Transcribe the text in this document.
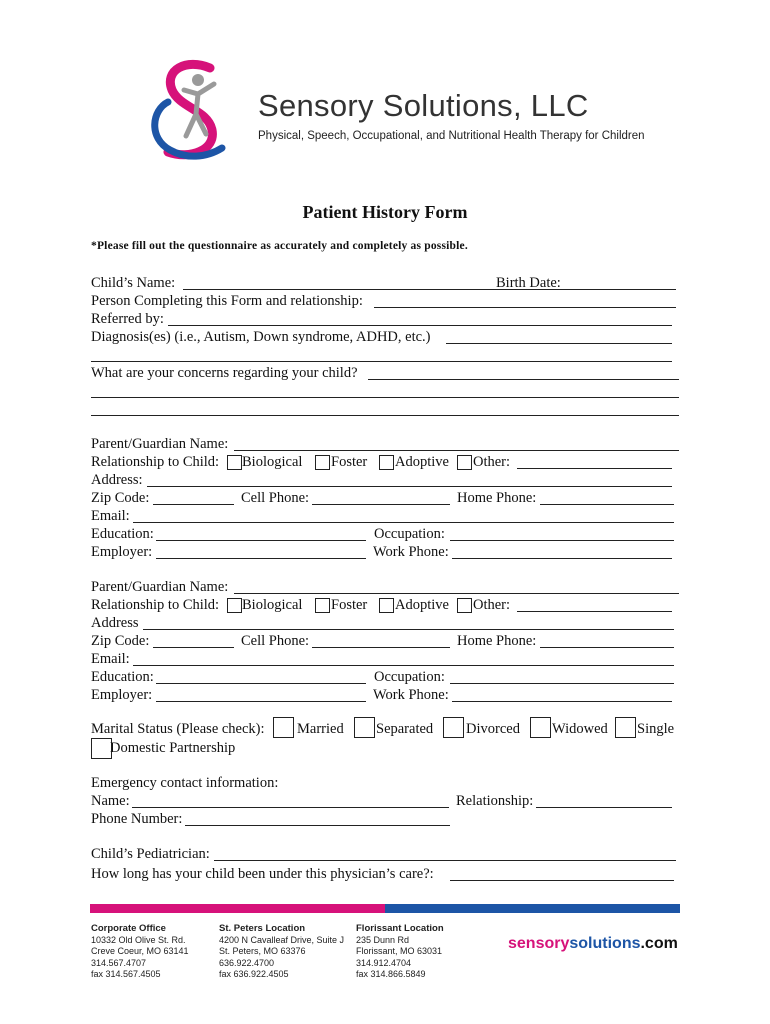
Sensory Solutions, LLC
Physical, Speech, Occupational, and Nutritional Health Therapy for Children
Patient History Form
*Please fill out the questionnaire as accurately and completely as possible.
Child’s Name:	Birth Date:
Person Completing this Form and relationship:
Referred by:
Diagnosis(es) (i.e., Autism, Down syndrome, ADHD, etc.)
What are your concerns regarding your child?
Parent/Guardian Name:
Relationship to Child: Biological Foster Adoptive Other:
Address:
Zip Code:	Cell Phone:	Home Phone:
Email:
Education:	Occupation:
Employer:	Work Phone:
Parent/Guardian Name:
Relationship to Child: Biological Foster Adoptive Other:
Address
Zip Code:	Cell Phone:	Home Phone:
Email:
Education:	Occupation:
Employer:	Work Phone:
Marital Status (Please check): Married Separated Divorced Widowed Single
Domestic Partnership
Emergency contact information:
Name:	Relationship:
Phone Number:
Child’s Pediatrician:
How long has your child been under this physician’s care?:
Corporate Office
10332 Old Olive St. Rd.
Creve Coeur, MO 63141
314.567.4707
fax 314.567.4505
St. Peters Location
4200 N Cavalleaf Drive, Suite J
St. Peters, MO 63376
636.922.4700
fax 636.922.4505
Florissant Location
235 Dunn Rd
Florissant, MO 63031
314.912.4704
fax 314.866.5849
sensorysolutions.com
